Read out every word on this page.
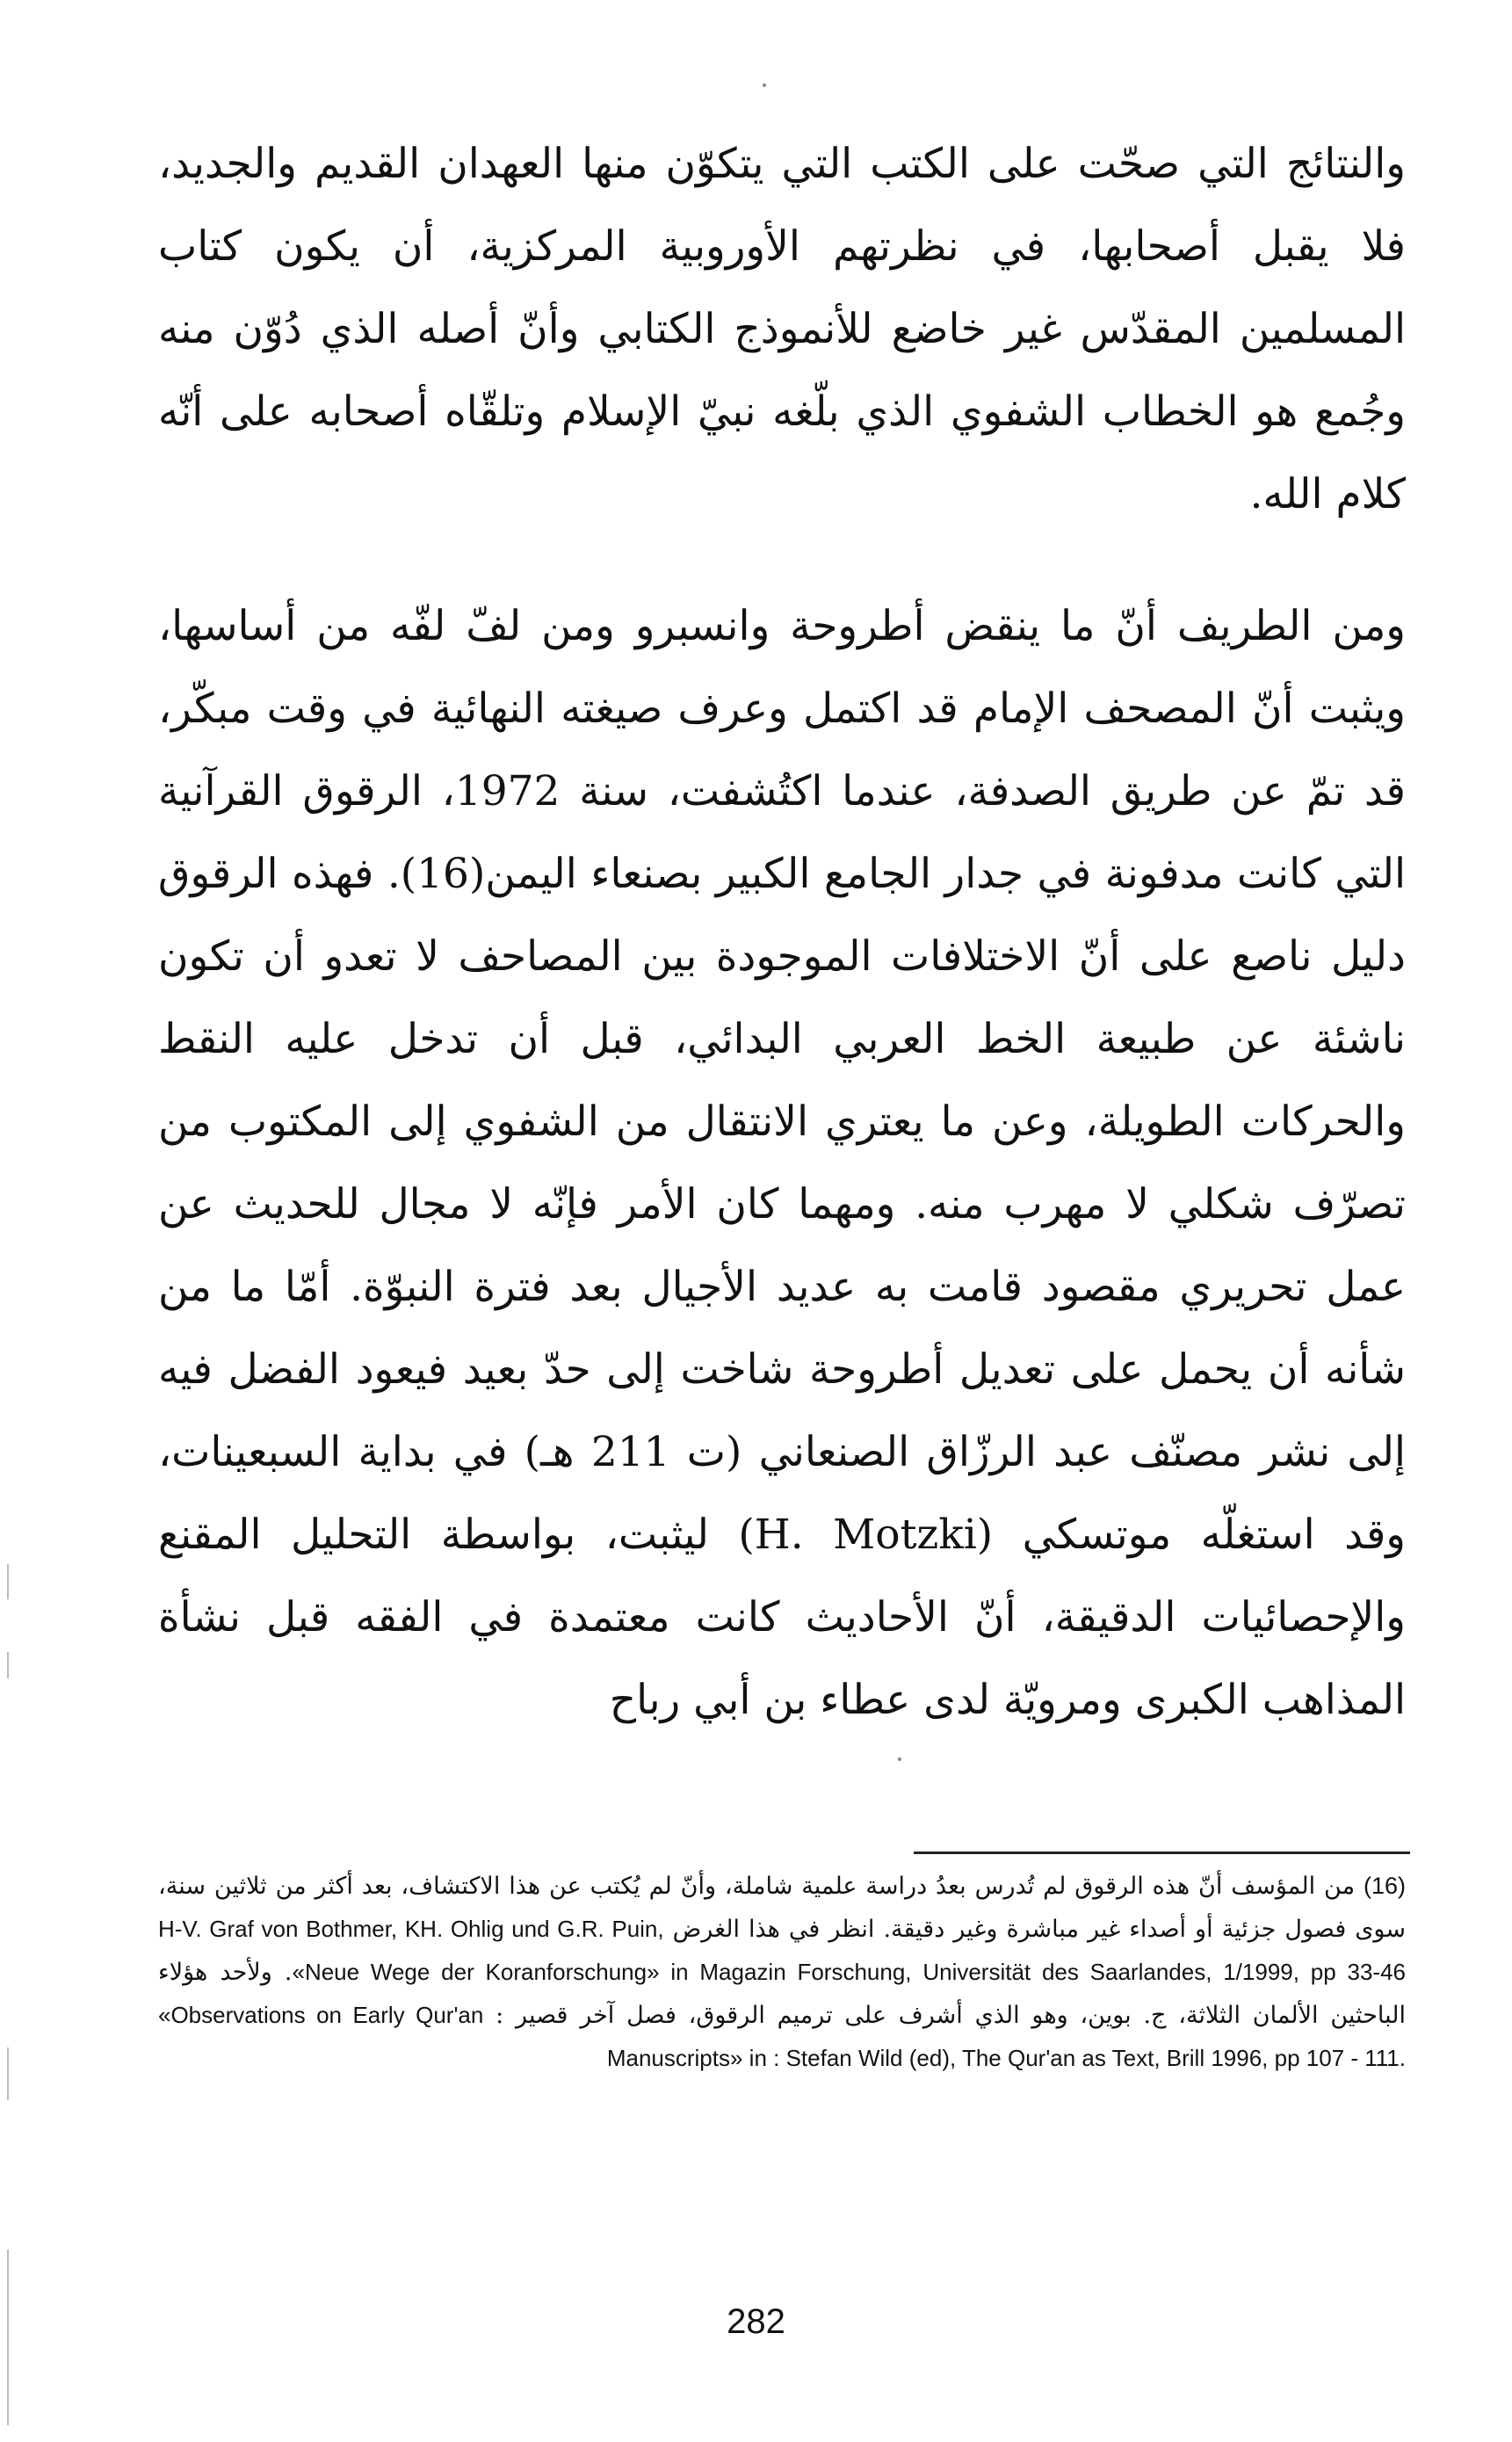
والنتائج التي صحّت على الكتب التي يتكوّن منها العهدان القديم والجديد، فلا يقبل أصحابها، في نظرتهم الأوروبية المركزية، أن يكون كتاب المسلمين المقدّس غير خاضع للأنموذج الكتابي وأنّ أصله الذي دُوّن منه وجُمع هو الخطاب الشفوي الذي بلّغه نبيّ الإسلام وتلقّاه أصحابه على أنّه كلام الله.

ومن الطريف أنّ ما ينقض أطروحة وانسبرو ومن لفّ لفّه من أساسها، ويثبت أنّ المصحف الإمام قد اكتمل وعرف صيغته النهائية في وقت مبكّر، قد تمّ عن طريق الصدفة، عندما اكتُشفت، سنة 1972، الرقوق القرآنية التي كانت مدفونة في جدار الجامع الكبير بصنعاء اليمن(16). فهذه الرقوق دليل ناصع على أنّ الاختلافات الموجودة بين المصاحف لا تعدو أن تكون ناشئة عن طبيعة الخط العربي البدائي، قبل أن تدخل عليه النقط والحركات الطويلة، وعن ما يعتري الانتقال من الشفوي إلى المكتوب من تصرّف شكلي لا مهرب منه. ومهما كان الأمر فإنّه لا مجال للحديث عن عمل تحريري مقصود قامت به عديد الأجيال بعد فترة النبوّة. أمّا ما من شأنه أن يحمل على تعديل أطروحة شاخت إلى حدّ بعيد فيعود الفضل فيه إلى نشر مصنّف عبد الرزّاق الصنعاني (ت 211 هـ) في بداية السبعينات، وقد استغلّه موتسكي (H. Motzki) ليثبت، بواسطة التحليل المقنع والإحصائيات الدقيقة، أنّ الأحاديث كانت معتمدة في الفقه قبل نشأة المذاهب الكبرى ومرويّة لدى عطاء بن أبي رباح

(16) من المؤسف أنّ هذه الرقوق لم تُدرس بعدُ دراسة علمية شاملة، وأنّ لم يُكتب عن هذا الاكتشاف، بعد أكثر من ثلاثين سنة، سوى فصول جزئية أو أصداء غير مباشرة وغير دقيقة. انظر في هذا الغرض H-V. Graf von Bothmer, KH. Ohlig und G.R. Puin, «Neue Wege der Koranforschung» in Magazin Forschung, Universität des Saarlandes, 1/1999, pp 33-46. ولأحد هؤلاء الباحثين الألمان الثلاثة، ج. بوين، وهو الذي أشرف على ترميم الرقوق، فصل آخر قصير : «Observations on Early Qur'an Manuscripts» in : Stefan Wild (ed), The Qur'an as Text, Brill 1996, pp 107 - 111.

282
